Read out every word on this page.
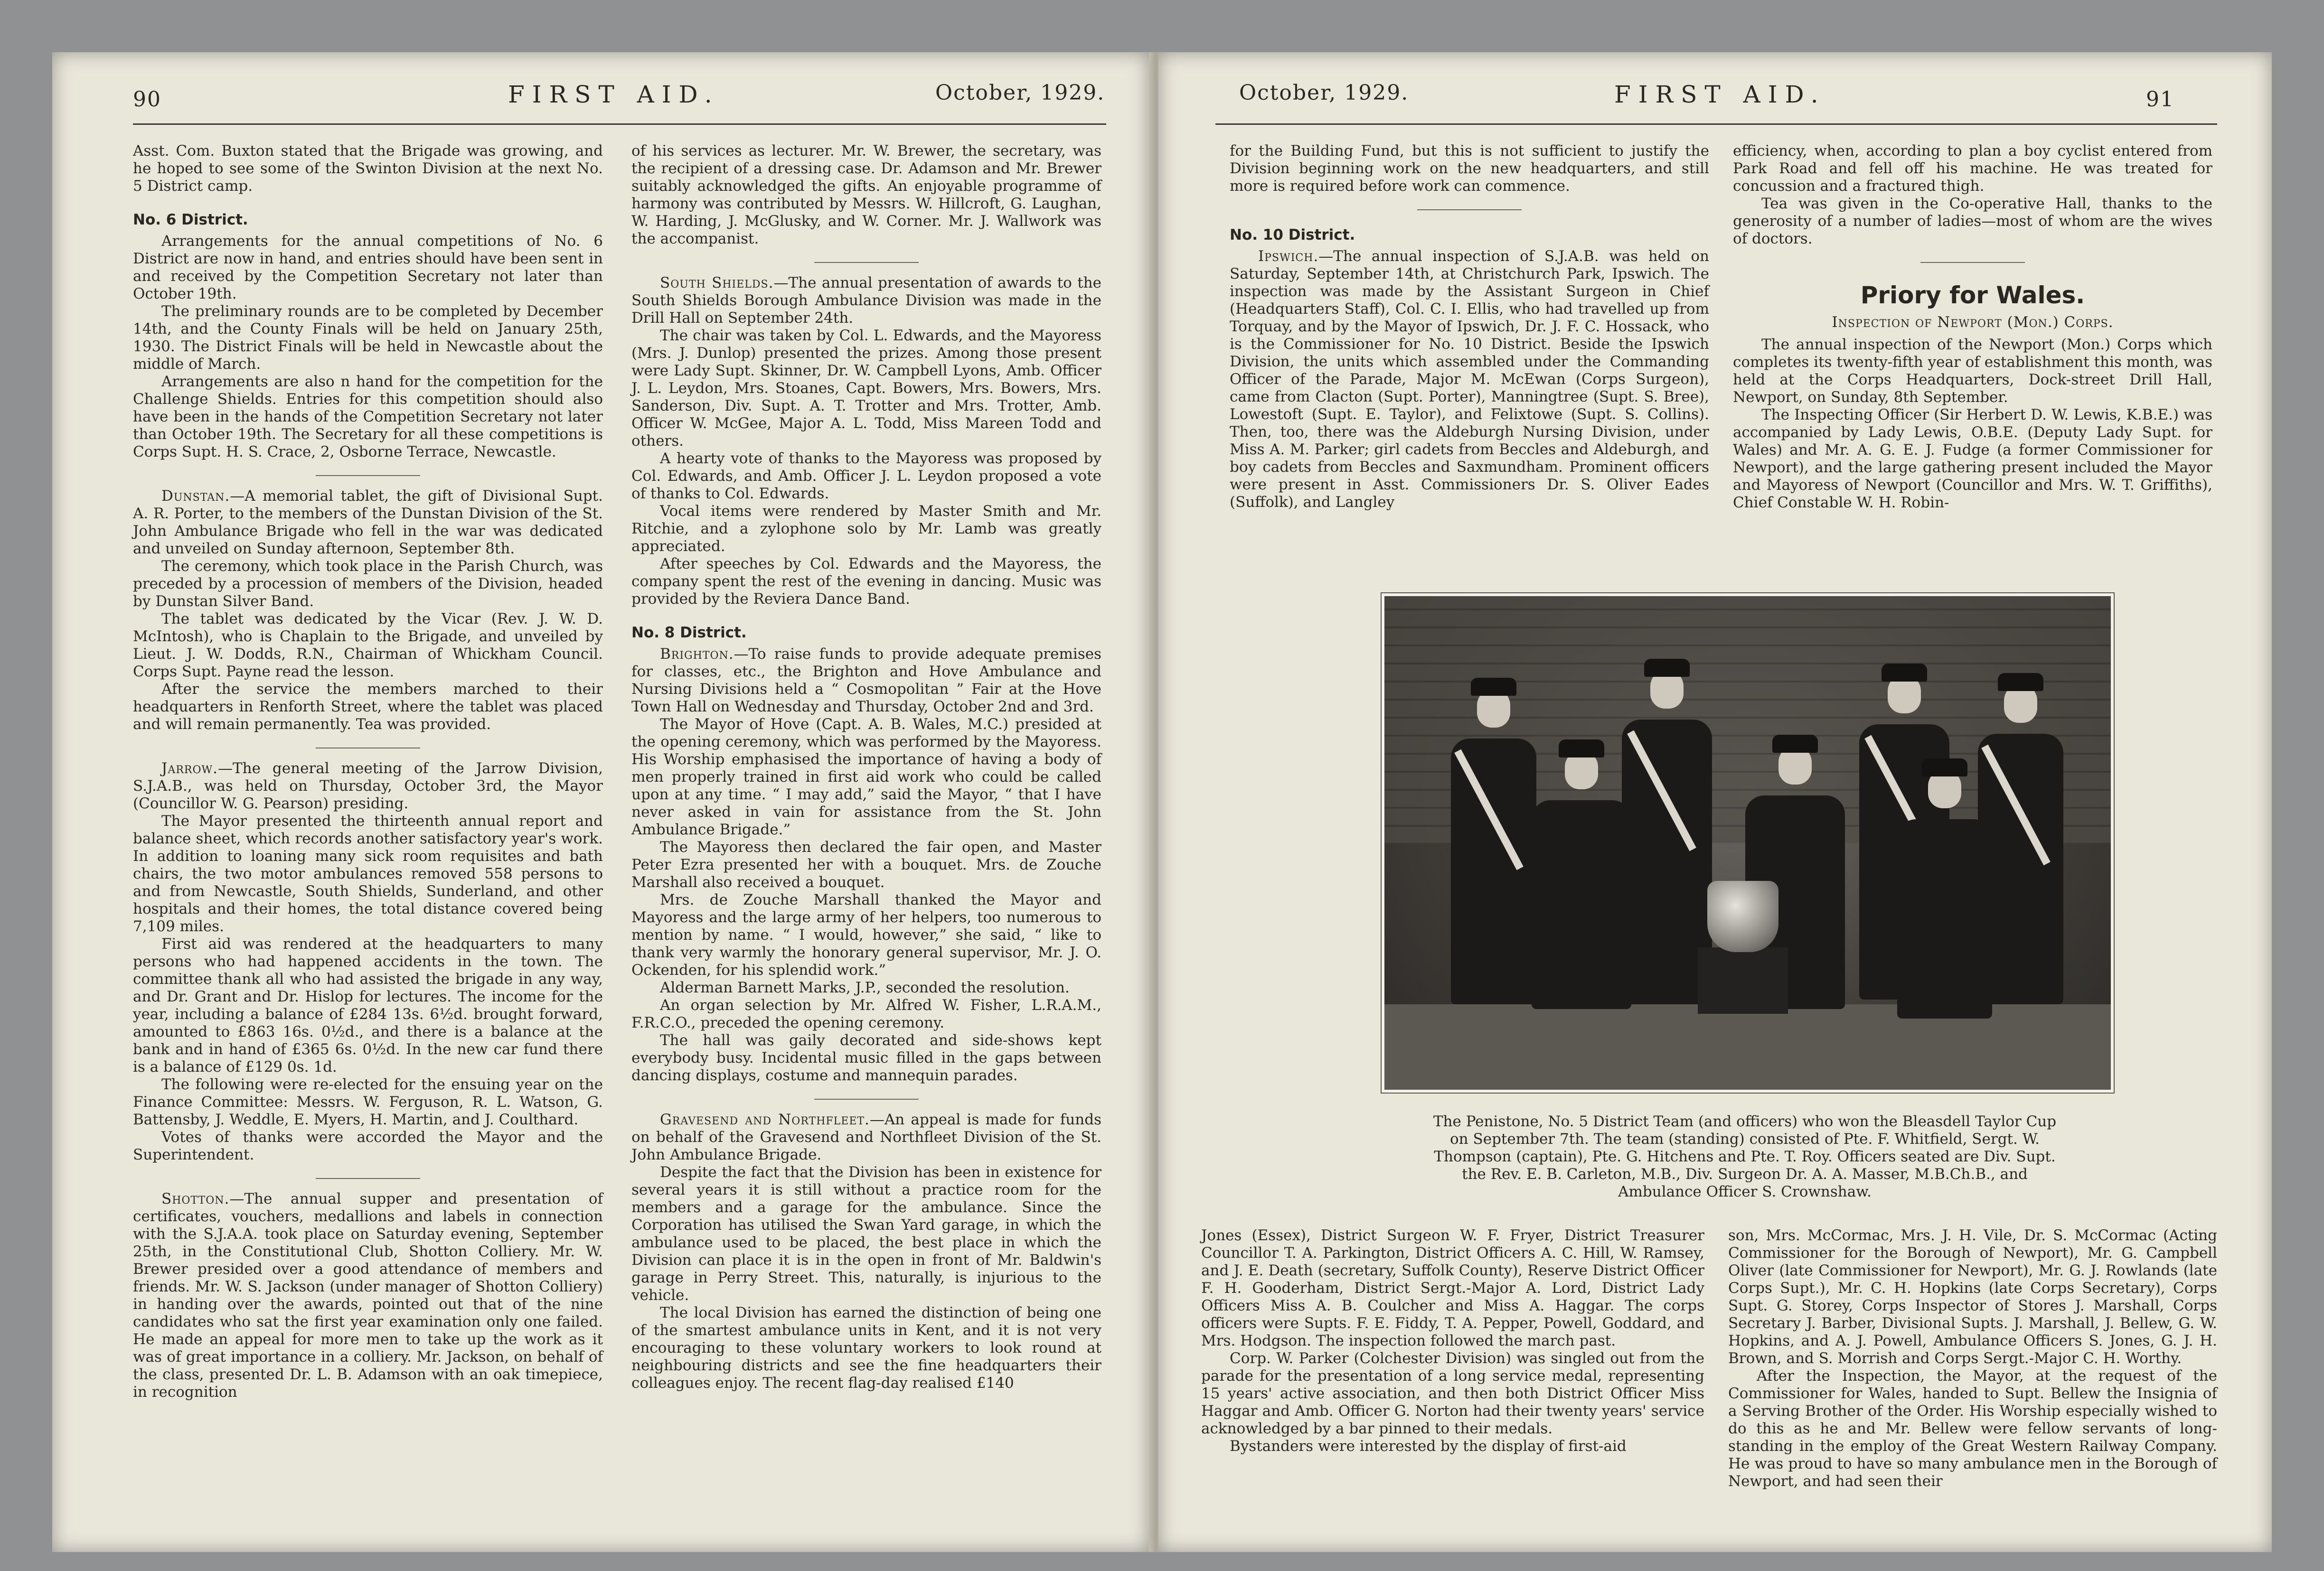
90	FIRST AID.	October, 1929.

Asst. Com. Buxton stated that the Brigade was growing, and he hoped to see some of the Swinton Division at the next No. 5 District camp.

No. 6 District.

Arrangements for the annual competitions of No. 6 District are now in hand, and entries should have been sent in and received by the Competition Secretary not later than October 19th.

The preliminary rounds are to be completed by December 14th, and the County Finals will be held on January 25th, 1930. The District Finals will be held in Newcastle about the middle of March.

Arrangements are also n hand for the competition for the Challenge Shields. Entries for this competition should also have been in the hands of the Competition Secretary not later than October 19th. The Secretary for all these competitions is Corps Supt. H. S. Crace, 2, Osborne Terrace, Newcastle.

Dunstan.—A memorial tablet, the gift of Divisional Supt. A. R. Porter, to the members of the Dunstan Division of the St. John Ambulance Brigade who fell in the war was dedicated and unveiled on Sunday afternoon, September 8th.

The ceremony, which took place in the Parish Church, was preceded by a procession of members of the Division, headed by Dunstan Silver Band.

The tablet was dedicated by the Vicar (Rev. J. W. D. McIntosh), who is Chaplain to the Brigade, and unveiled by Lieut. J. W. Dodds, R.N., Chairman of Whickham Council. Corps Supt. Payne read the lesson.

After the service the members marched to their headquarters in Renforth Street, where the tablet was placed and will remain permanently. Tea was provided.

Jarrow.—The general meeting of the Jarrow Division, S.J.A.B., was held on Thursday, October 3rd, the Mayor (Councillor W. G. Pearson) presiding.

The Mayor presented the thirteenth annual report and balance sheet, which records another satisfactory year's work. In addition to loaning many sick room requisites and bath chairs, the two motor ambulances removed 558 persons to and from Newcastle, South Shields, Sunderland, and other hospitals and their homes, the total distance covered being 7,109 miles.

First aid was rendered at the headquarters to many persons who had happened accidents in the town. The committee thank all who had assisted the brigade in any way, and Dr. Grant and Dr. Hislop for lectures. The income for the year, including a balance of £284 13s. 6½d. brought forward, amounted to £863 16s. 0½d., and there is a balance at the bank and in hand of £365 6s. 0½d. In the new car fund there is a balance of £129 0s. 1d.

The following were re-elected for the ensuing year on the Finance Committee: Messrs. W. Ferguson, R. L. Watson, G. Battensby, J. Weddle, E. Myers, H. Martin, and J. Coulthard.

Votes of thanks were accorded the Mayor and the Superintendent.

Shotton.—The annual supper and presentation of certificates, vouchers, medallions and labels in connection with the S.J.A.A. took place on Saturday evening, September 25th, in the Constitutional Club, Shotton Colliery. Mr. W. Brewer presided over a good attendance of members and friends. Mr. W. S. Jackson (under manager of Shotton Colliery) in handing over the awards, pointed out that of the nine candidates who sat the first year examination only one failed. He made an appeal for more men to take up the work as it was of great importance in a colliery. Mr. Jackson, on behalf of the class, presented Dr. L. B. Adamson with an oak timepiece, in recognition

of his services as lecturer. Mr. W. Brewer, the secretary, was the recipient of a dressing case. Dr. Adamson and Mr. Brewer suitably acknowledged the gifts. An enjoyable programme of harmony was contributed by Messrs. W. Hillcroft, G. Laughan, W. Harding, J. McGlusky, and W. Corner. Mr. J. Wallwork was the accompanist.

South Shields.—The annual presentation of awards to the South Shields Borough Ambulance Division was made in the Drill Hall on September 24th.

The chair was taken by Col. L. Edwards, and the Mayoress (Mrs. J. Dunlop) presented the prizes. Among those present were Lady Supt. Skinner, Dr. W. Campbell Lyons, Amb. Officer J. L. Leydon, Mrs. Stoanes, Capt. Bowers, Mrs. Bowers, Mrs. Sanderson, Div. Supt. A. T. Trotter and Mrs. Trotter, Amb. Officer W. McGee, Major A. L. Todd, Miss Mareen Todd and others.

A hearty vote of thanks to the Mayoress was proposed by Col. Edwards, and Amb. Officer J. L. Leydon proposed a vote of thanks to Col. Edwards.

Vocal items were rendered by Master Smith and Mr. Ritchie, and a zylophone solo by Mr. Lamb was greatly appreciated.

After speeches by Col. Edwards and the Mayoress, the company spent the rest of the evening in dancing. Music was provided by the Reviera Dance Band.

No. 8 District.

Brighton.—To raise funds to provide adequate premises for classes, etc., the Brighton and Hove Ambulance and Nursing Divisions held a “ Cosmopolitan ” Fair at the Hove Town Hall on Wednesday and Thursday, October 2nd and 3rd.

The Mayor of Hove (Capt. A. B. Wales, M.C.) presided at the opening ceremony, which was performed by the Mayoress. His Worship emphasised the importance of having a body of men properly trained in first aid work who could be called upon at any time. “ I may add,” said the Mayor, “ that I have never asked in vain for assistance from the St. John Ambulance Brigade.”

The Mayoress then declared the fair open, and Master Peter Ezra presented her with a bouquet. Mrs. de Zouche Marshall also received a bouquet.

Mrs. de Zouche Marshall thanked the Mayor and Mayoress and the large army of her helpers, too numerous to mention by name. “ I would, however,” she said, “ like to thank very warmly the honorary general supervisor, Mr. J. O. Ockenden, for his splendid work.”

Alderman Barnett Marks, J.P., seconded the resolution.

An organ selection by Mr. Alfred W. Fisher, L.R.A.M., F.R.C.O., preceded the opening ceremony.

The hall was gaily decorated and side-shows kept everybody busy. Incidental music filled in the gaps between dancing displays, costume and mannequin parades.

Gravesend and Northfleet.—An appeal is made for funds on behalf of the Gravesend and Northfleet Division of the St. John Ambulance Brigade.

Despite the fact that the Division has been in existence for several years it is still without a practice room for the members and a garage for the ambulance. Since the Corporation has utilised the Swan Yard garage, in which the ambulance used to be placed, the best place in which the Division can place it is in the open in front of Mr. Baldwin's garage in Perry Street. This, naturally, is injurious to the vehicle.

The local Division has earned the distinction of being one of the smartest ambulance units in Kent, and it is not very encouraging to these voluntary workers to look round at neighbouring districts and see the fine headquarters their colleagues enjoy. The recent flag-day realised £140

October, 1929.	FIRST AID.	91

for the Building Fund, but this is not sufficient to justify the Division beginning work on the new headquarters, and still more is required before work can commence.

No. 10 District.

Ipswich.—The annual inspection of S.J.A.B. was held on Saturday, September 14th, at Christchurch Park, Ipswich. The inspection was made by the Assistant Surgeon in Chief (Headquarters Staff), Col. C. I. Ellis, who had travelled up from Torquay, and by the Mayor of Ipswich, Dr. J. F. C. Hossack, who is the Commissioner for No. 10 District. Beside the Ipswich Division, the units which assembled under the Commanding Officer of the Parade, Major M. McEwan (Corps Surgeon), came from Clacton (Supt. Porter), Manningtree (Supt. S. Bree), Lowestoft (Supt. E. Taylor), and Felixtowe (Supt. S. Collins). Then, too, there was the Aldeburgh Nursing Division, under Miss A. M. Parker; girl cadets from Beccles and Aldeburgh, and boy cadets from Beccles and Saxmundham. Prominent officers were present in Asst. Commissioners Dr. S. Oliver Eades (Suffolk), and Langley

efficiency, when, according to plan a boy cyclist entered from Park Road and fell off his machine. He was treated for concussion and a fractured thigh.

Tea was given in the Co-operative Hall, thanks to the generosity of a number of ladies—most of whom are the wives of doctors.

Priory for Wales.

Inspection of Newport (Mon.) Corps.

The annual inspection of the Newport (Mon.) Corps which completes its twenty-fifth year of establishment this month, was held at the Corps Headquarters, Dock-street Drill Hall, Newport, on Sunday, 8th September.

The Inspecting Officer (Sir Herbert D. W. Lewis, K.B.E.) was accompanied by Lady Lewis, O.B.E. (Deputy Lady Supt. for Wales) and Mr. A. G. E. J. Fudge (a former Commissioner for Newport), and the large gathering present included the Mayor and Mayoress of Newport (Councillor and Mrs. W. T. Griffiths), Chief Constable W. H. Robin-

The Penistone, No. 5 District Team (and officers) who won the Bleasdell Taylor Cup on September 7th. The team (standing) consisted of Pte. F. Whitfield, Sergt. W. Thompson (captain), Pte. G. Hitchens and Pte. T. Roy. Officers seated are Div. Supt. the Rev. E. B. Carleton, M.B., Div. Surgeon Dr. A. A. Masser, M.B.Ch.B., and Ambulance Officer S. Crownshaw.

Jones (Essex), District Surgeon W. F. Fryer, District Treasurer Councillor T. A. Parkington, District Officers A. C. Hill, W. Ramsey, and J. E. Death (secretary, Suffolk County), Reserve District Officer F. H. Gooderham, District Sergt.-Major A. Lord, District Lady Officers Miss A. B. Coulcher and Miss A. Haggar. The corps officers were Supts. F. E. Fiddy, T. A. Pepper, Powell, Goddard, and Mrs. Hodgson. The inspection followed the march past.

Corp. W. Parker (Colchester Division) was singled out from the parade for the presentation of a long service medal, representing 15 years' active association, and then both District Officer Miss Haggar and Amb. Officer G. Norton had their twenty years' service acknowledged by a bar pinned to their medals.

Bystanders were interested by the display of first-aid

son, Mrs. McCormac, Mrs. J. H. Vile, Dr. S. McCormac (Acting Commissioner for the Borough of Newport), Mr. G. Campbell Oliver (late Commissioner for Newport), Mr. G. J. Rowlands (late Corps Supt.), Mr. C. H. Hopkins (late Corps Secretary), Corps Supt. G. Storey, Corps Inspector of Stores J. Marshall, Corps Secretary J. Barber, Divisional Supts. J. Marshall, J. Bellew, G. W. Hopkins, and A. J. Powell, Ambulance Officers S. Jones, G. J. H. Brown, and S. Morrish and Corps Sergt.-Major C. H. Worthy.

After the Inspection, the Mayor, at the request of the Commissioner for Wales, handed to Supt. Bellew the Insignia of a Serving Brother of the Order. His Worship especially wished to do this as he and Mr. Bellew were fellow servants of long-standing in the employ of the Great Western Railway Company. He was proud to have so many ambulance men in the Borough of Newport, and had seen their
